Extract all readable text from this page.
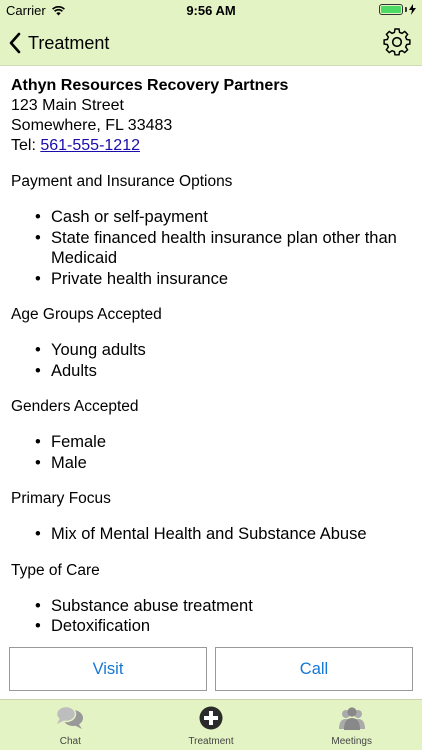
Carrier	9:56 AM
Treatment
Athyn Resources Recovery Partners
123 Main Street
Somewhere, FL 33483
Tel: 561-555-1212
Payment and Insurance Options
• Cash or self-payment
• State financed health insurance plan other than Medicaid
• Private health insurance
Age Groups Accepted
• Young adults
• Adults
Genders Accepted
• Female
• Male
Primary Focus
• Mix of Mental Health and Substance Abuse
Type of Care
• Substance abuse treatment
• Detoxification
Visit	Call
Chat	Treatment	Meetings
